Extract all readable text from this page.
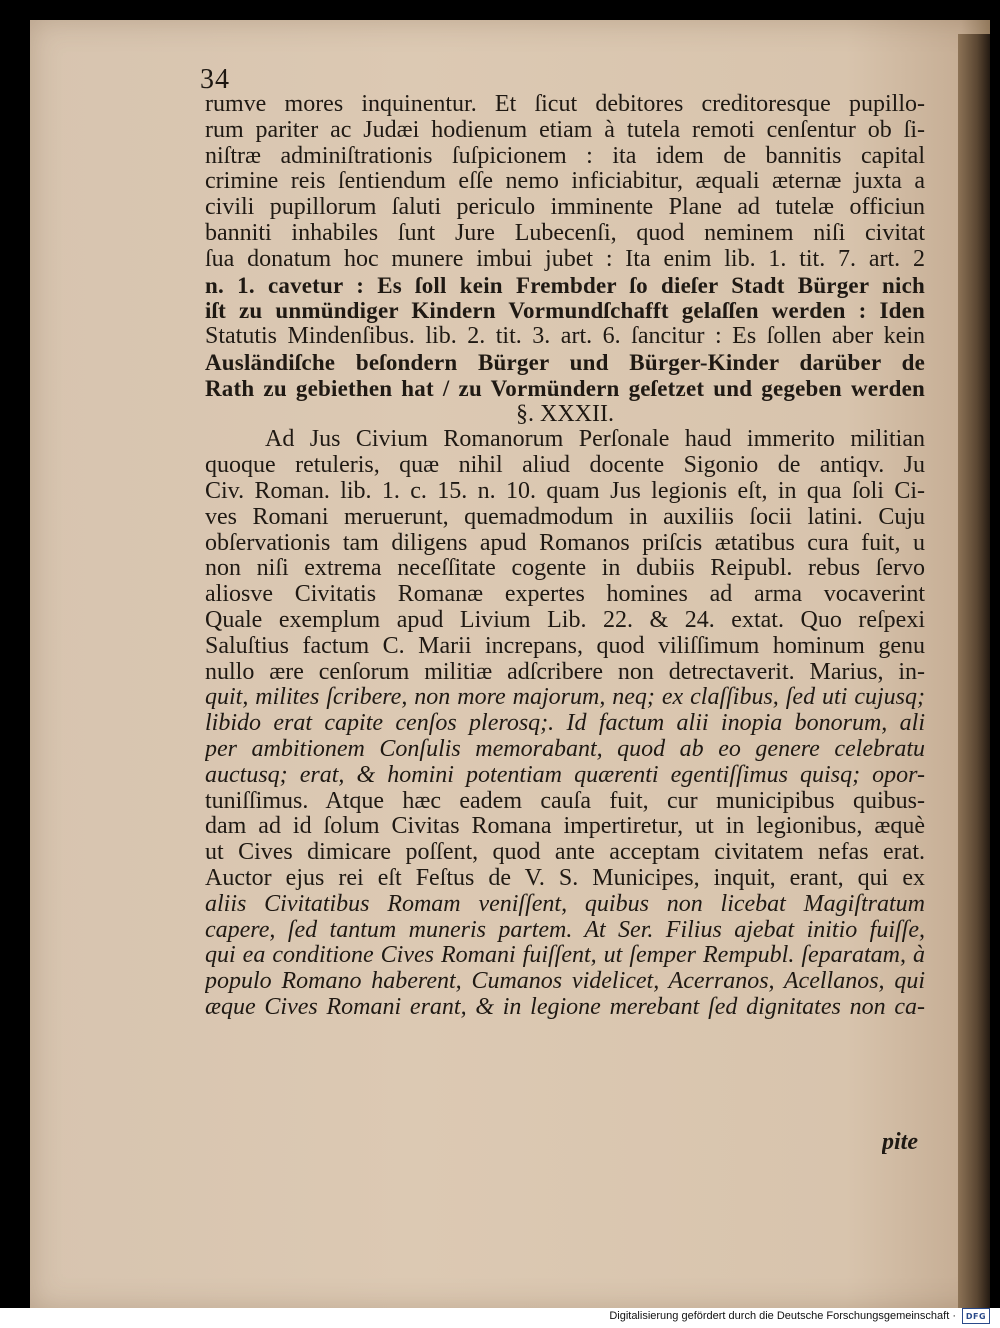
34
rumve mores inquinentur. Et ſicut debitores creditoresque pupillo-
rum pariter ac Judæi hodienum etiam à tutela remoti cenſentur ob ſi-
niſtræ adminiſtrationis ſuſpicionem : ita idem de bannitis capital
crimine reis ſentiendum eſſe nemo inficiabitur, æquali æternæ juxta a
civili pupillorum ſaluti periculo imminente Plane ad tutelæ officiun
banniti inhabiles ſunt Jure Lubecenſi, quod neminem niſi civitat
ſua donatum hoc munere imbui jubet : Ita enim lib. 1. tit. 7. art. 2
n. 1. cavetur : Es ſoll kein Frembder ſo dieſer Stadt Bürger nich
iſt zu unmündiger Kindern Vormundſchafft gelaſſen werden : Iden
Statutis Mindenſibus. lib. 2. tit. 3. art. 6. ſancitur : Es ſollen aber kein
Ausländiſche beſondern Bürger und Bürger-Kinder darüber de
Rath zu gebiethen hat / zu Vormündern geſetzet und gegeben werden
§. XXXII.
Ad Jus Civium Romanorum Perſonale haud immerito militian
quoque retuleris, quæ nihil aliud docente Sigonio de antiqv. Ju
Civ. Roman. lib. 1. c. 15. n. 10. quam Jus legionis eſt, in qua ſoli Ci-
ves Romani meruerunt, quemadmodum in auxiliis ſocii latini. Cuju
obſervationis tam diligens apud Romanos priſcis ætatibus cura fuit, u
non niſi extrema neceſſitate cogente in dubiis Reipubl. rebus ſervo
aliosve Civitatis Romanæ expertes homines ad arma vocaverint
Quale exemplum apud Livium Lib. 22. & 24. extat. Quo reſpexi
Saluſtius factum C. Marii increpans, quod viliſſimum hominum genu
nullo ære cenſorum militiæ adſcribere non detrectaverit. Marius, in-
quit, milites ſcribere, non more majorum, neq; ex claſſibus, ſed uti cujusq;
libido erat capite cenſos plerosq;. Id factum alii inopia bonorum, ali
per ambitionem Conſulis memorabant, quod ab eo genere celebratu
auctusq; erat, & homini potentiam quærenti egentiſſimus quisq; opor-
tuniſſimus. Atque hæc eadem cauſa fuit, cur municipibus quibus-
dam ad id ſolum Civitas Romana impertiretur, ut in legionibus, æquè
ut Cives dimicare poſſent, quod ante acceptam civitatem nefas erat.
Auctor ejus rei eſt Feſtus de V. S. Municipes, inquit, erant, qui ex
aliis Civitatibus Romam veniſſent, quibus non licebat Magiſtratum
capere, ſed tantum muneris partem. At Ser. Filius ajebat initio fuiſſe,
qui ea conditione Cives Romani fuiſſent, ut ſemper Rempubl. ſeparatam, à
populo Romano haberent, Cumanos videlicet, Acerranos, Acellanos, qui
æque Cives Romani erant, & in legione merebant ſed dignitates non ca-
pite
Digitalisierung gefördert durch die Deutsche Forschungsgemeinschaft ·	DFG
